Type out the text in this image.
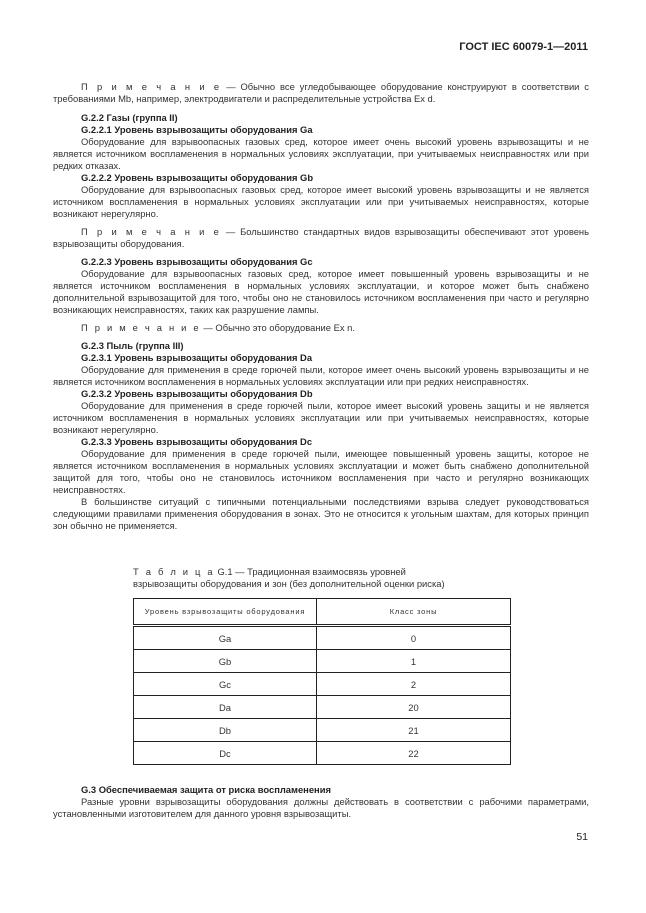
ГОСТ IEC 60079-1—2011

П р и м е ч а н и е — Обычно все угледобывающее оборудование конструируют в соответствии с требованиями Mb, например, электродвигатели и распределительные устройства Ex d.

G.2.2 Газы (группа II)

G.2.2.1 Уровень взрывозащиты оборудования Ga

Оборудование для взрывоопасных газовых сред, которое имеет очень высокий уровень взрывозащиты и не является источником воспламенения в нормальных условиях эксплуатации, при учитываемых неисправностях или при редких отказах.

G.2.2.2 Уровень взрывозащиты оборудования Gb

Оборудование для взрывоопасных газовых сред, которое имеет высокий уровень взрывозащиты и не является источником воспламенения в нормальных условиях эксплуатации или при учитываемых неисправностях, которые возникают нерегулярно.

П р и м е ч а н и е — Большинство стандартных видов взрывозащиты обеспечивают этот уровень взрывозащиты оборудования.

G.2.2.3 Уровень взрывозащиты оборудования Gc

Оборудование для взрывоопасных газовых сред, которое имеет повышенный уровень взрывозащиты и не является источником воспламенения в нормальных условиях эксплуатации, и которое может быть снабжено дополнительной взрывозащитой для того, чтобы оно не становилось источником воспламенения при часто и регулярно возникающих неисправностях, таких как разрушение лампы.

П р и м е ч а н и е — Обычно это оборудование Ex n.

G.2.3 Пыль (группа III)

G.2.3.1 Уровень взрывозащиты оборудования Da

Оборудование для применения в среде горючей пыли, которое имеет очень высокий уровень взрывозащиты и не является источником воспламенения в нормальных условиях эксплуатации или при редких неисправностях.

G.2.3.2 Уровень взрывозащиты оборудования Db

Оборудование для применения в среде горючей пыли, которое имеет высокий уровень защиты и не является источником воспламенения в нормальных условиях эксплуатации или при учитываемых неисправностях, которые возникают нерегулярно.

G.2.3.3 Уровень взрывозащиты оборудования Dc

Оборудование для применения в среде горючей пыли, имеющее повышенный уровень защиты, которое не является источником воспламенения в нормальных условиях эксплуатации и может быть снабжено дополнительной защитой для того, чтобы оно не становилось источником воспламенения при часто и регулярно возникающих неисправностях.

В большинстве ситуаций с типичными потенциальными последствиями взрыва следует руководствоваться следующими правилами применения оборудования в зонах. Это не относится к угольным шахтам, для которых принцип зон обычно не применяется.

Т а б л и ц а G.1 — Традиционная взаимосвязь уровней взрывозащиты оборудования и зон (без дополнительной оценки риска)
Уровень взрывозащиты оборудования	Класс зоны
Ga	0
Gb	1
Gc	2
Da	20
Db	21
Dc	22

G.3 Обеспечиваемая защита от риска воспламенения

Разные уровни взрывозащиты оборудования должны действовать в соответствии с рабочими параметрами, установленными изготовителем для данного уровня взрывозащиты.

51
